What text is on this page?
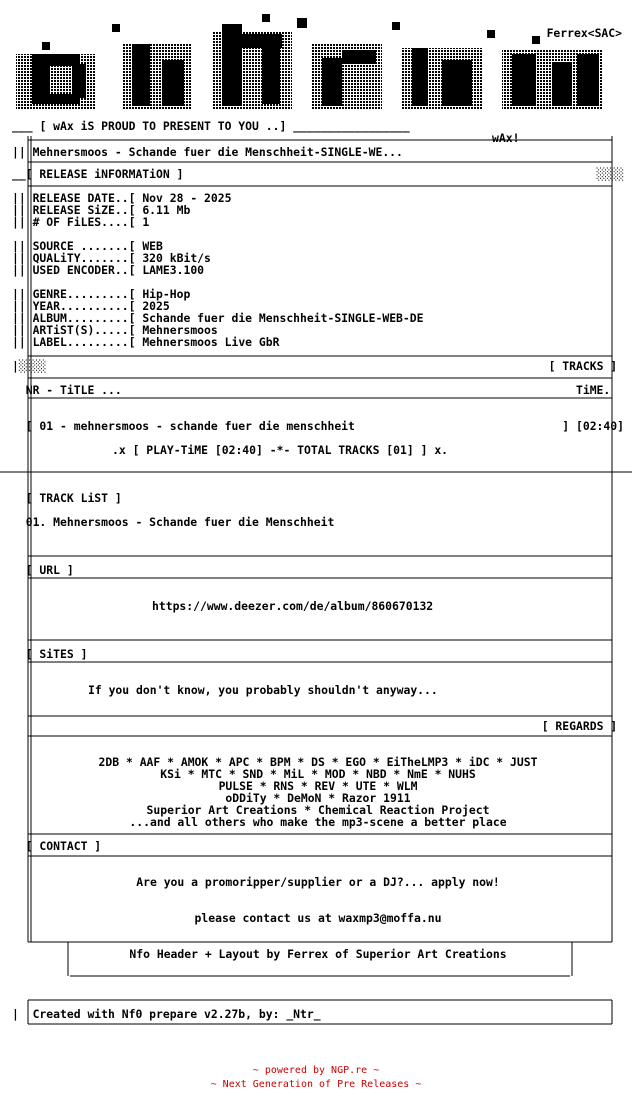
Ferrex<SAC>

___ [ wAx iS PROUD TO PRESENT TO YOU ..] _________________

wAx!

|| Mehnersmoos - Schande fuer die Menschheit-SINGLE-WE...

__[ RELEASE iNFORMATiON ]	░░░░

|| RELEASE DATE..[ Nov 28 - 2025

|| RELEASE SiZE..[ 6.11 Mb

|| # OF FiLES....[ 1

|| SOURCE .......[ WEB

|| QUALiTY.......[ 320 kBit/s

|| USED ENCODER..[ LAME3.100

|| GENRE.........[ Hip-Hop

|| YEAR..........[ 2025

|| ALBUM.........[ Schande fuer die Menschheit-SINGLE-WEB-DE

|| ARTiST(S).....[ Mehnersmoos

|| LABEL.........[ Mehnersmoos Live GbR

|░░░░	[ TRACKS ]

NR - TiTLE ...	TiME.

[ 01 - mehnersmoos - schande fuer die menschheit	] [02:40]

.x [ PLAY-TiME [02:40] -*- TOTAL TRACKS [01] ] x.

[ TRACK LiST ]

01. Mehnersmoos - Schande fuer die Menschheit

[ URL ]

https://www.deezer.com/de/album/860670132

[ SiTES ]

If you don't know, you probably shouldn't anyway...

[ REGARDS ]

2DB * AAF * AMOK * APC * BPM * DS * EGO * EiTheLMP3 * iDC * JUST

KSi * MTC * SND * MiL * MOD * NBD * NmE * NUHS

PULSE * RNS * REV * UTE * WLM

oDDiTy * DeMoN * Razor 1911

Superior Art Creations * Chemical Reaction Project

...and all others who make the mp3-scene a better place

[ CONTACT ]

Are you a promoripper/supplier or a DJ?... apply now!

please contact us at waxmp3@moffa.nu

Nfo Header + Layout by Ferrex of Superior Art Creations

|  Created with Nf0 prepare v2.27b, by: _Ntr_

~ powered by NGP.re ~
~ Next Generation of Pre Releases ~
